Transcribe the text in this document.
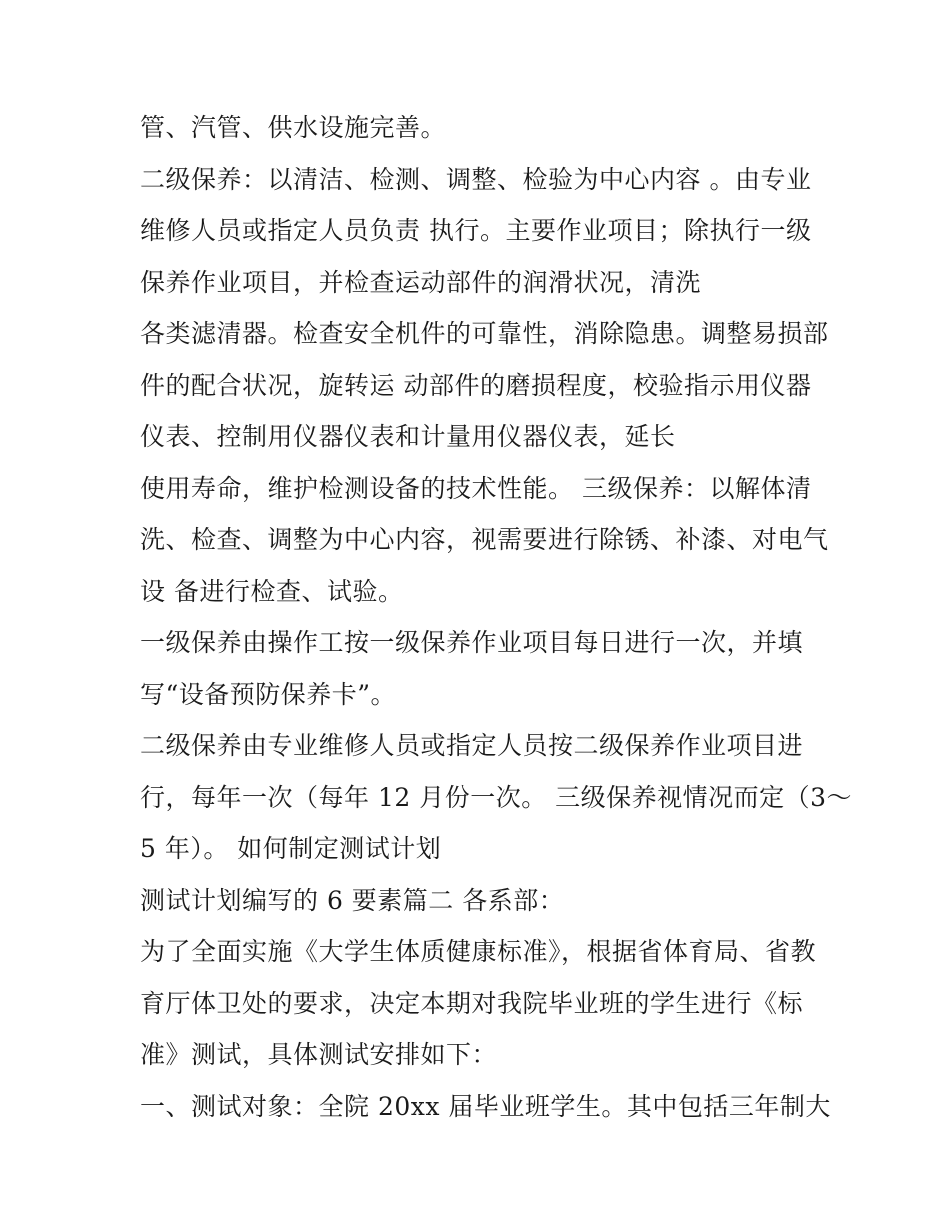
管、汽管、供水设施完善。
二级保养：以清洁、检测、调整、检验为中心内容 。由专业
维修人员或指定人员负责 执行。主要作业项目；除执行一级
保养作业项目，并检查运动部件的润滑状况，清洗
各类滤清器。检查安全机件的可靠性，消除隐患。调整易损部
件的配合状况，旋转运 动部件的磨损程度，校验指示用仪器
仪表、控制用仪器仪表和计量用仪器仪表，延长
使用寿命，维护检测设备的技术性能。 三级保养：以解体清
洗、检查、调整为中心内容，视需要进行除锈、补漆、对电气
设 备进行检查、试验。
一级保养由操作工按一级保养作业项目每日进行一次，并填
写“设备预防保养卡”。
二级保养由专业维修人员或指定人员按二级保养作业项目进
行，每年一次（每年 12 月份一次。 三级保养视情况而定（3～
5 年）。 如何制定测试计划
测试计划编写的 6 要素篇二 各系部：
为了全面实施《大学生体质健康标准》，根据省体育局、省教
育厅体卫处的要求，决定本期对我院毕业班的学生进行《标
准》测试，具体测试安排如下：
一、测试对象：全院 20xx 届毕业班学生。其中包括三年制大
